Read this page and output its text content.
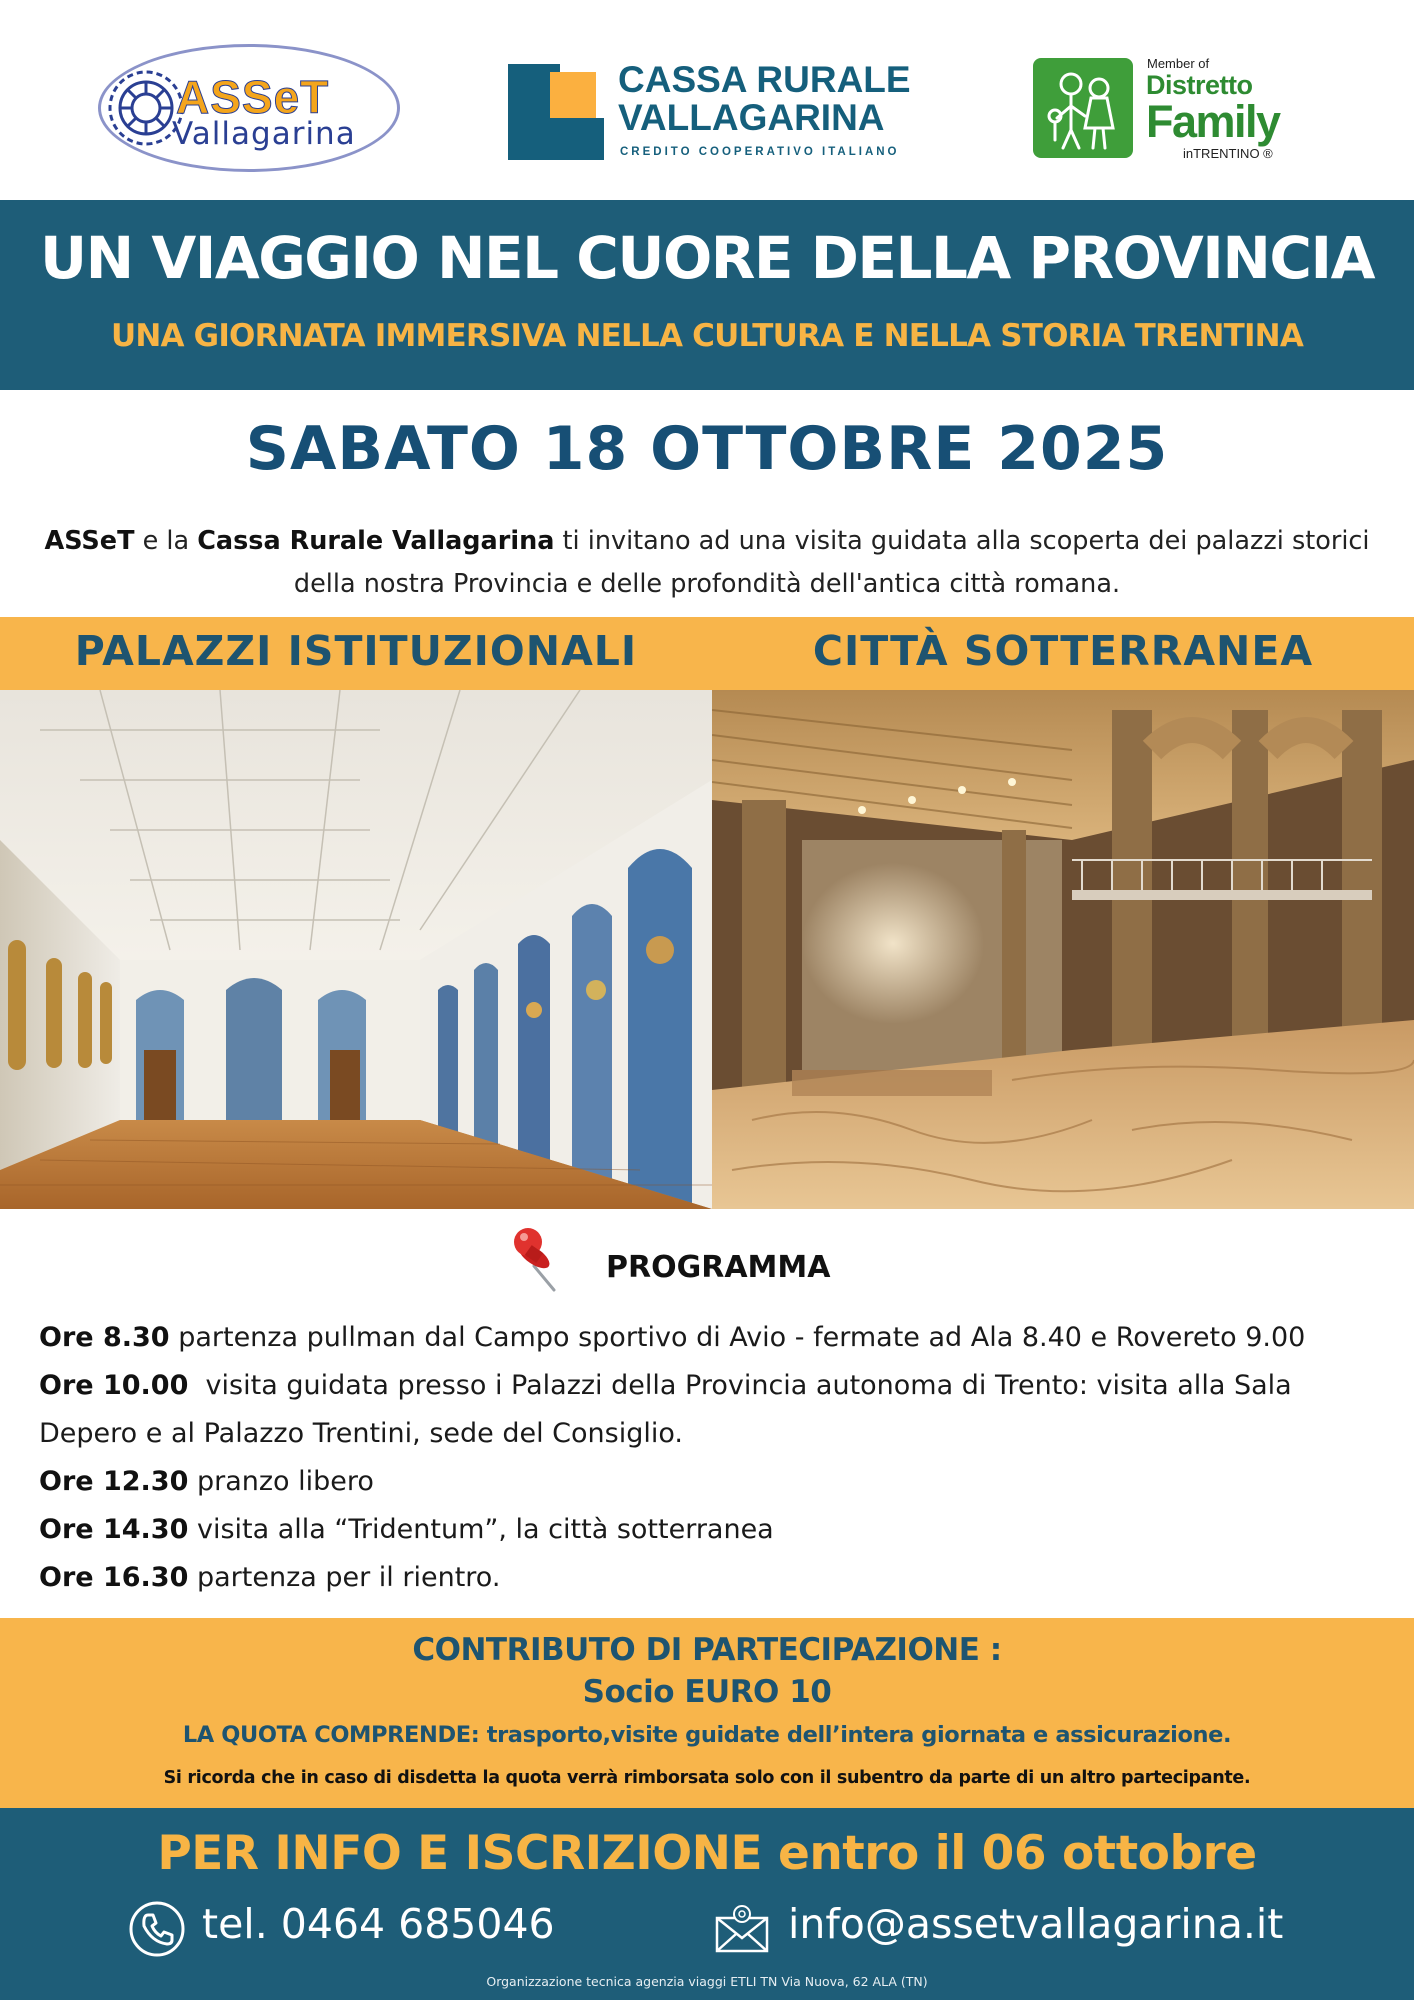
ASSeT
Vallagarina
CASSA RURALE
VALLAGARINA
CREDITO COOPERATIVO ITALIANO
Member of
Distretto
Family
inTRENTINO ®
UN VIAGGIO NEL CUORE DELLA PROVINCIA
UNA GIORNATA IMMERSIVA NELLA CULTURA E NELLA STORIA TRENTINA
SABATO 18 OTTOBRE 2025
ASSeT e la Cassa Rurale Vallagarina ti invitano ad una visita guidata alla scoperta dei palazzi storici della nostra Provincia e delle profondità dell'antica città romana.
PALAZZI ISTITUZIONALI	CITTÀ SOTTERRANEA
PROGRAMMA
Ore 8.30 partenza pullman dal Campo sportivo di Avio - fermate ad Ala 8.40 e Rovereto 9.00
Ore 10.00  visita guidata presso i Palazzi della Provincia autonoma di Trento: visita alla Sala Depero e al Palazzo Trentini, sede del Consiglio.
Ore 12.30 pranzo libero
Ore 14.30 visita alla “Tridentum”, la città sotterranea
Ore 16.30 partenza per il rientro.
CONTRIBUTO DI PARTECIPAZIONE :
Socio EURO 10
LA QUOTA COMPRENDE: trasporto,visite guidate dell’intera giornata e assicurazione.
Si ricorda che in caso di disdetta la quota verrà rimborsata solo con il subentro da parte di un altro partecipante.
PER INFO E ISCRIZIONE entro il 06 ottobre
tel. 0464 685046	info@assetvallagarina.it
Organizzazione tecnica agenzia viaggi ETLI TN Via Nuova, 62 ALA (TN)
